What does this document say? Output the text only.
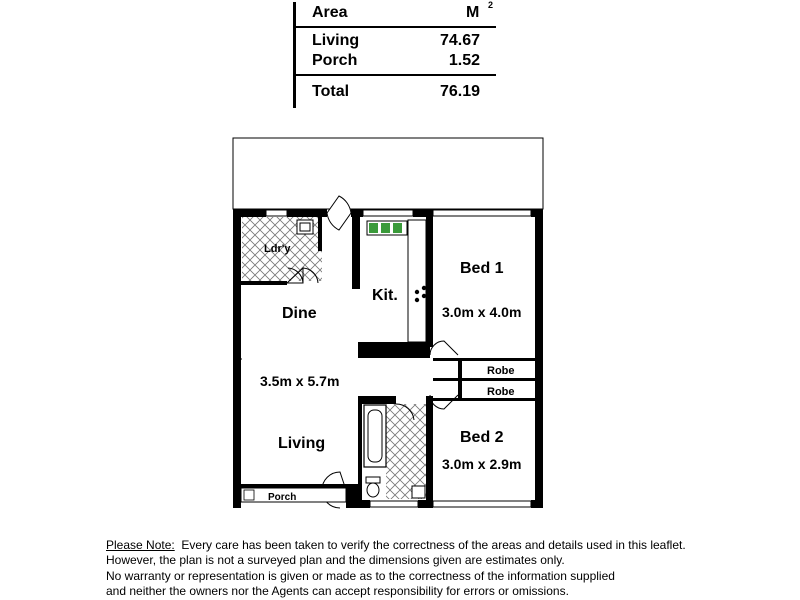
Area	M 2
Living	74.67
Porch	1.52
Total	76.19
Ldr'y
Kit.
Dine
3.5m x 5.7m
Living
Porch
Bed 1
3.0m x 4.0m
Robe
Robe
Bed 2
3.0m x 2.9m
Please Note:  Every care has been taken to verify the correctness of the areas and details used in this leaflet.
However, the plan is not a surveyed plan and the dimensions given are estimates only.
No warranty or representation is given or made as to the correctness of the information supplied
and neither the owners nor the Agents can accept responsibility for errors or omissions.
